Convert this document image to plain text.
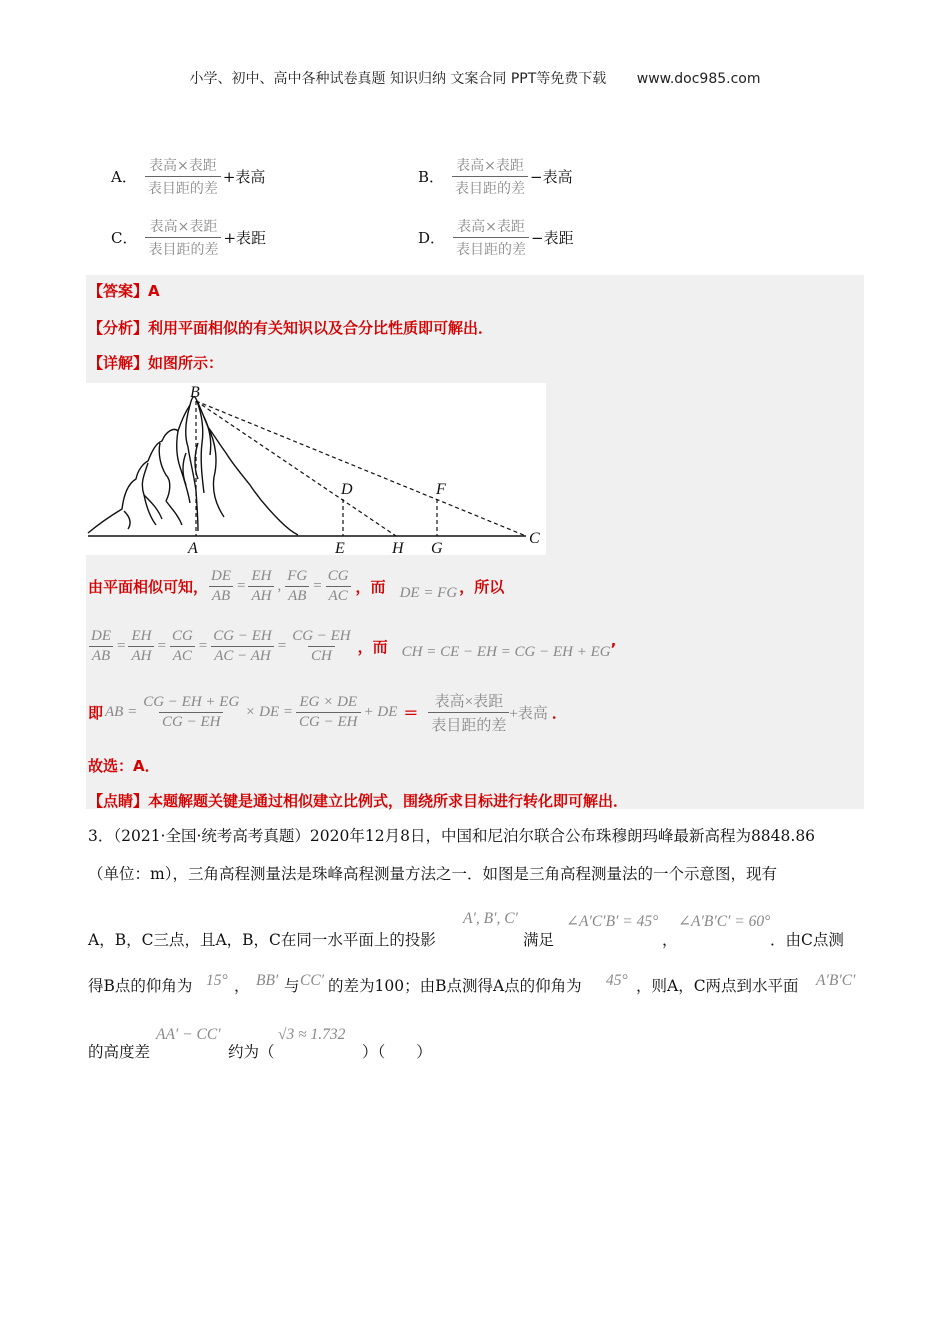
小学、初中、高中各种试卷真题 知识归纳 文案合同 PPT等免费下载 www.doc985.com
A． $\frac{\text{表高×表距}}{\text{表目距的差}}$ +表高	B． $\frac{\text{表高×表距}}{\text{表目距的差}}$ −表高
C． $\frac{\text{表高×表距}}{\text{表目距的差}}$ +表距	D． $\frac{\text{表高×表距}}{\text{表目距的差}}$ −表距
【答案】A
【分析】利用平面相似的有关知识以及合分比性质即可解出．
【详解】如图所示：
B
D	F
A	E	H G
C
由平面相似可知， $\frac{DE}{AB} = \frac{EH}{AH}$ , $\frac{FG}{AB} = \frac{CG}{AC}$ ，而 DE = FG ，所以
$\frac{DE}{AB} = \frac{EH}{AH} = \frac{CG}{AC} = \frac{CG - EH}{AC - AH} = \frac{CG - EH}{CH}$ ，而 CH = CE − EH = CG − EH + EG ’
即 AB = $\frac{CG - EH + EG}{CG - EH}$ × DE = $\frac{EG \times DE}{CG - EH}$ + DE ＝ $\frac{\text{表高×表距}}{\text{表目距的差}}$ +表高 ．
故选：A．
【点睛】本题解题关键是通过相似建立比例式，围绕所求目标进行转化即可解出．
3．（2021·全国·统考高考真题）2020年12月8日，中国和尼泊尔联合公布珠穆朗玛峰最新高程为8848.86
（单位：m），三角高程测量法是珠峰高程测量方法之一．如图是三角高程测量法的一个示意图，现有
A，B，C三点，且A，B，C在同一水平面上的投影
A′, B′, C′
满足
∠A′C′B′ = 45°
，
∠A′B′C′ = 60°
．由C点测
得B点的仰角为 15° ， BB′ 与 CC′ 的差为100；由B点测得A点的仰角为 45° ，则A，C两点到水平面 A′B′C′
的高度差
AA′ − CC′
约为（
√3 ≈ 1.732
）（　　）
